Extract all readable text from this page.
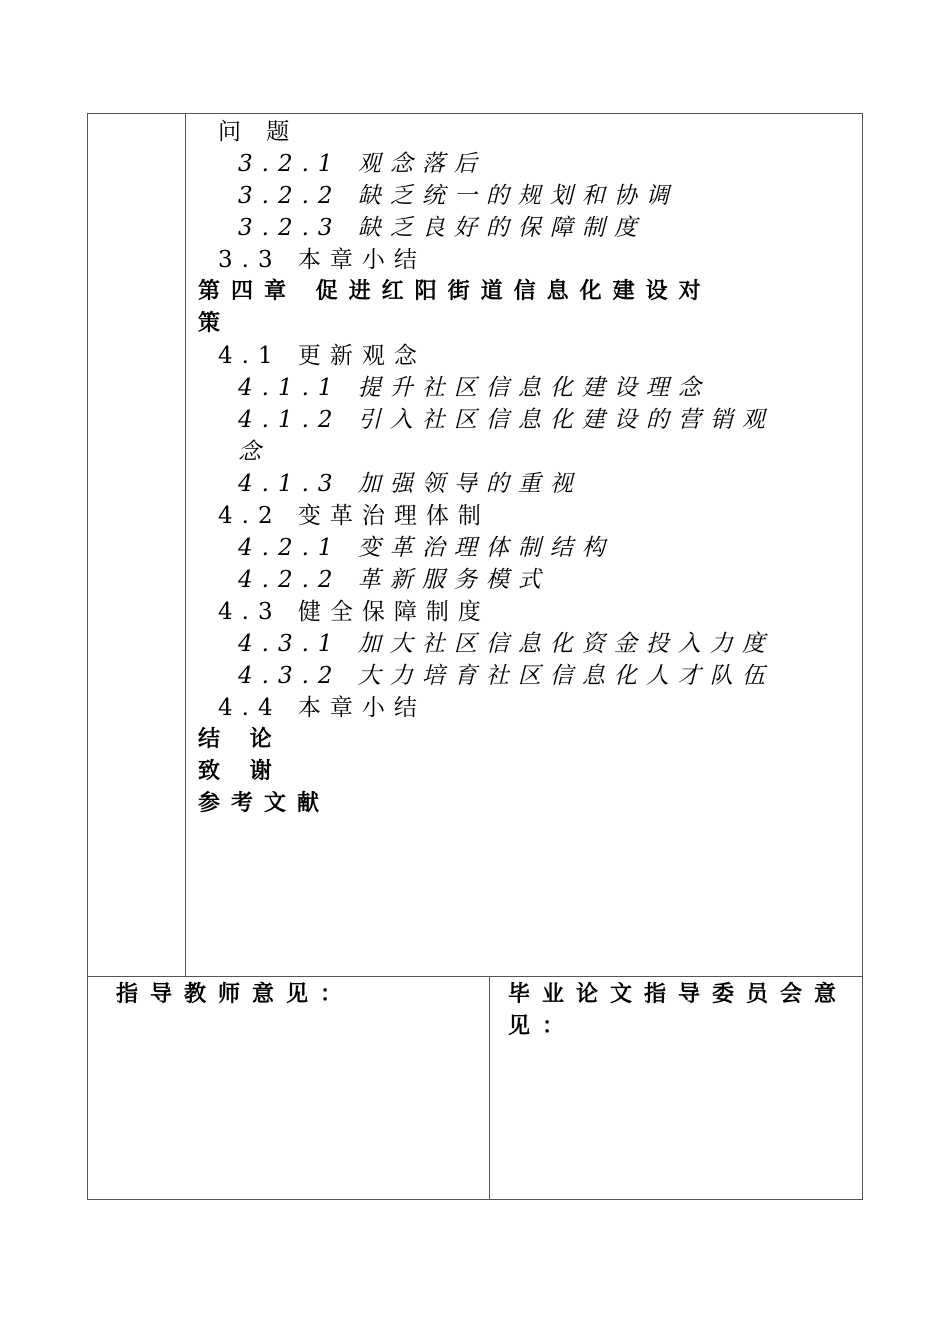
问 题
3.2.1 观念落后
3.2.2 缺乏统一的规划和协调
3.2.3 缺乏良好的保障制度
3.3 本章小结
第四章 促进红阳街道信息化建设对
策
4.1 更新观念
4.1.1 提升社区信息化建设理念
4.1.2 引入社区信息化建设的营销观
念
4.1.3 加强领导的重视
4.2 变革治理体制
4.2.1 变革治理体制结构
4.2.2 革新服务模式
4.3 健全保障制度
4.3.1 加大社区信息化资金投入力度
4.3.2 大力培育社区信息化人才队伍
4.4 本章小结
结 论
致 谢
参考文献
指导教师意见：	毕业论文指导委员会意见：
